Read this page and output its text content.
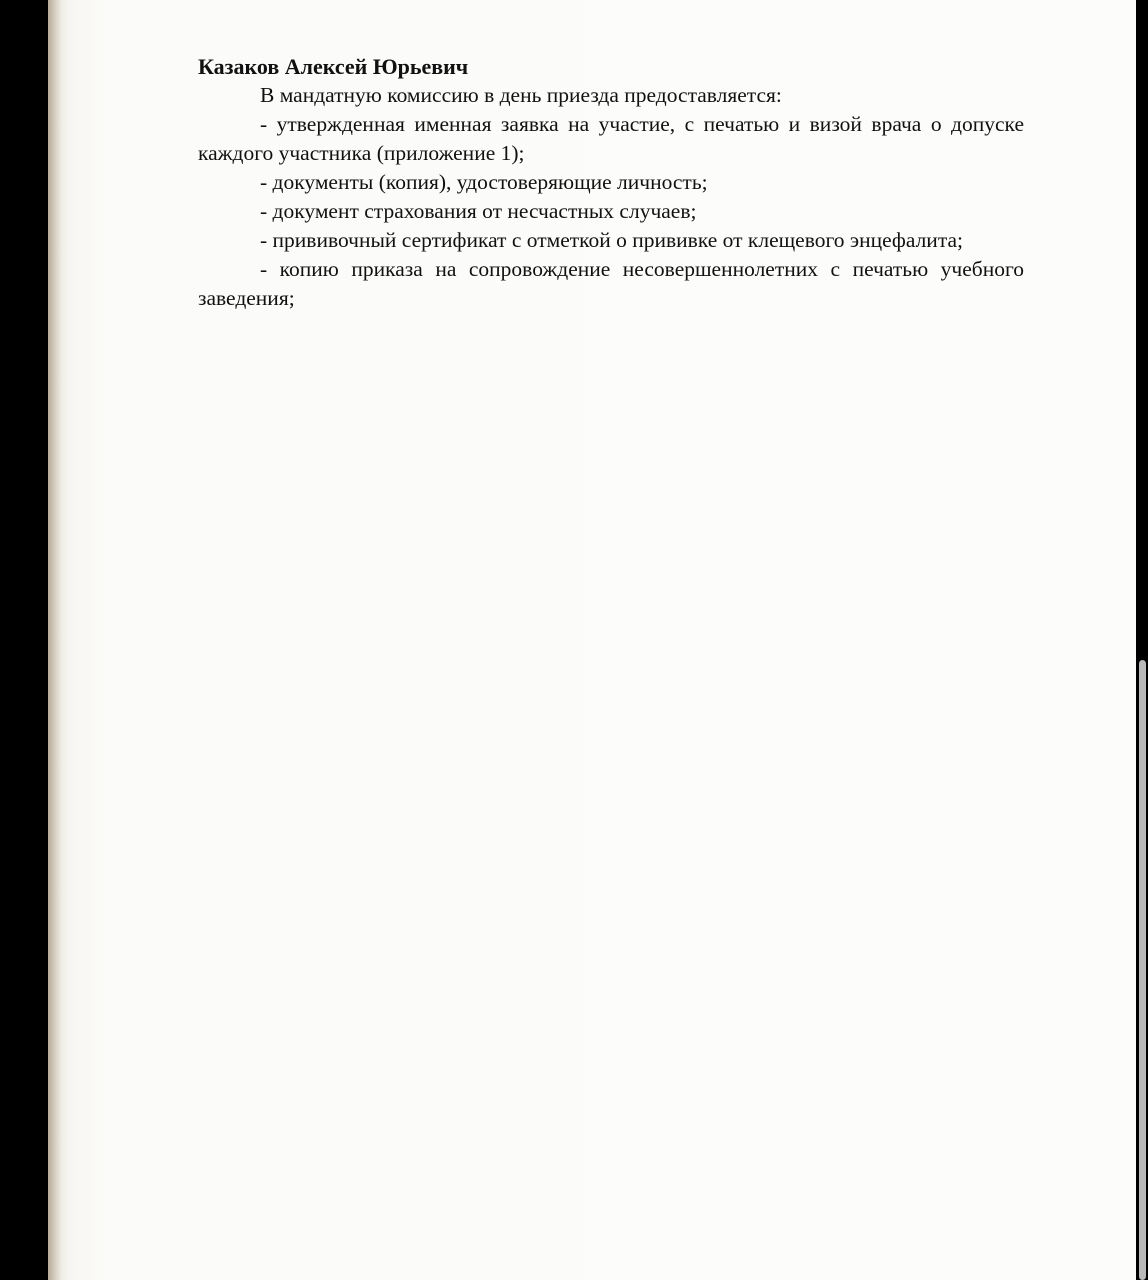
Казаков Алексей Юрьевич

В мандатную комиссию в день приезда предоставляется:

- утвержденная именная заявка на участие, с печатью и визой врача о допуске каждого участника (приложение 1);

- документы (копия), удостоверяющие личность;

- документ страхования от несчастных случаев;

- прививочный сертификат с отметкой о прививке от клещевого энцефалита;

- копию приказа на сопровождение несовершеннолетних с печатью учебного заведения;
